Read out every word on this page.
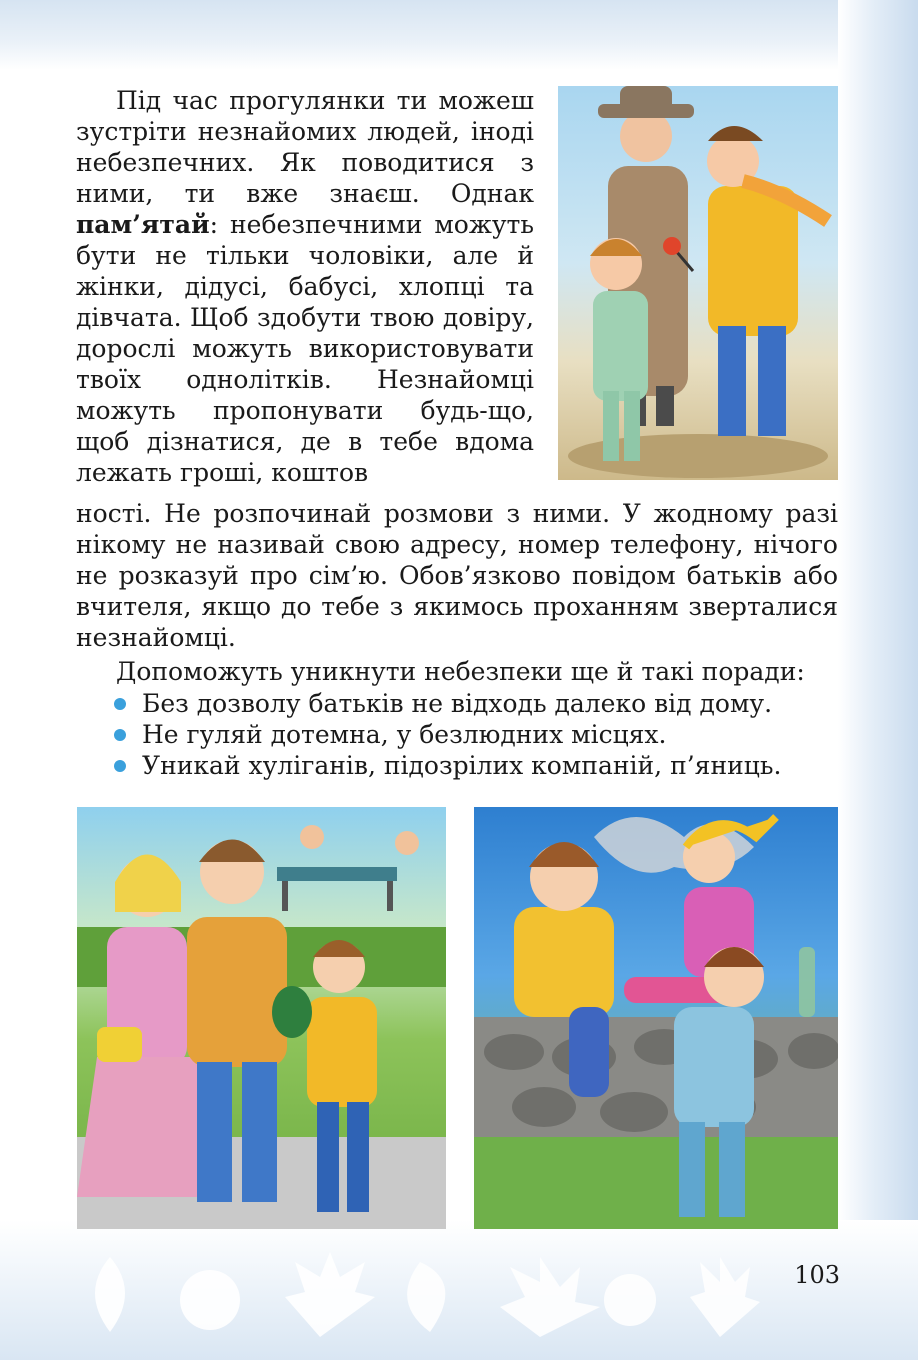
Під час прогулянки ти можеш зустріти незнайомих людей, іноді небезпечних. Як поводитися з ними, ти вже знаєш. Однак пам’ятай: небезпечними можуть бути не тільки чоловіки, але й жінки, дідусі, бабусі, хлопці та дівчата. Щоб здобути твою довіру, дорослі можуть використовувати твоїх однолітків. Незнайомці можуть пропонувати будь-що, щоб дізнатися, де в тебе вдома лежать гроші, коштов
ності. Не розпочинай розмови з ними. У жодному разі нікому не називай свою адресу, номер телефону, нічого не розказуй про сім’ю. Обов’язково повідом батьків або вчителя, якщо до тебе з якимось проханням зверталися незнайомці.
Допоможуть уникнути небезпеки ще й такі поради:
Без дозволу батьків не відходь далеко від дому.
Не гуляй дотемна, у безлюдних місцях.
Уникай хуліганів, підозрілих компаній, п’яниць.
103
